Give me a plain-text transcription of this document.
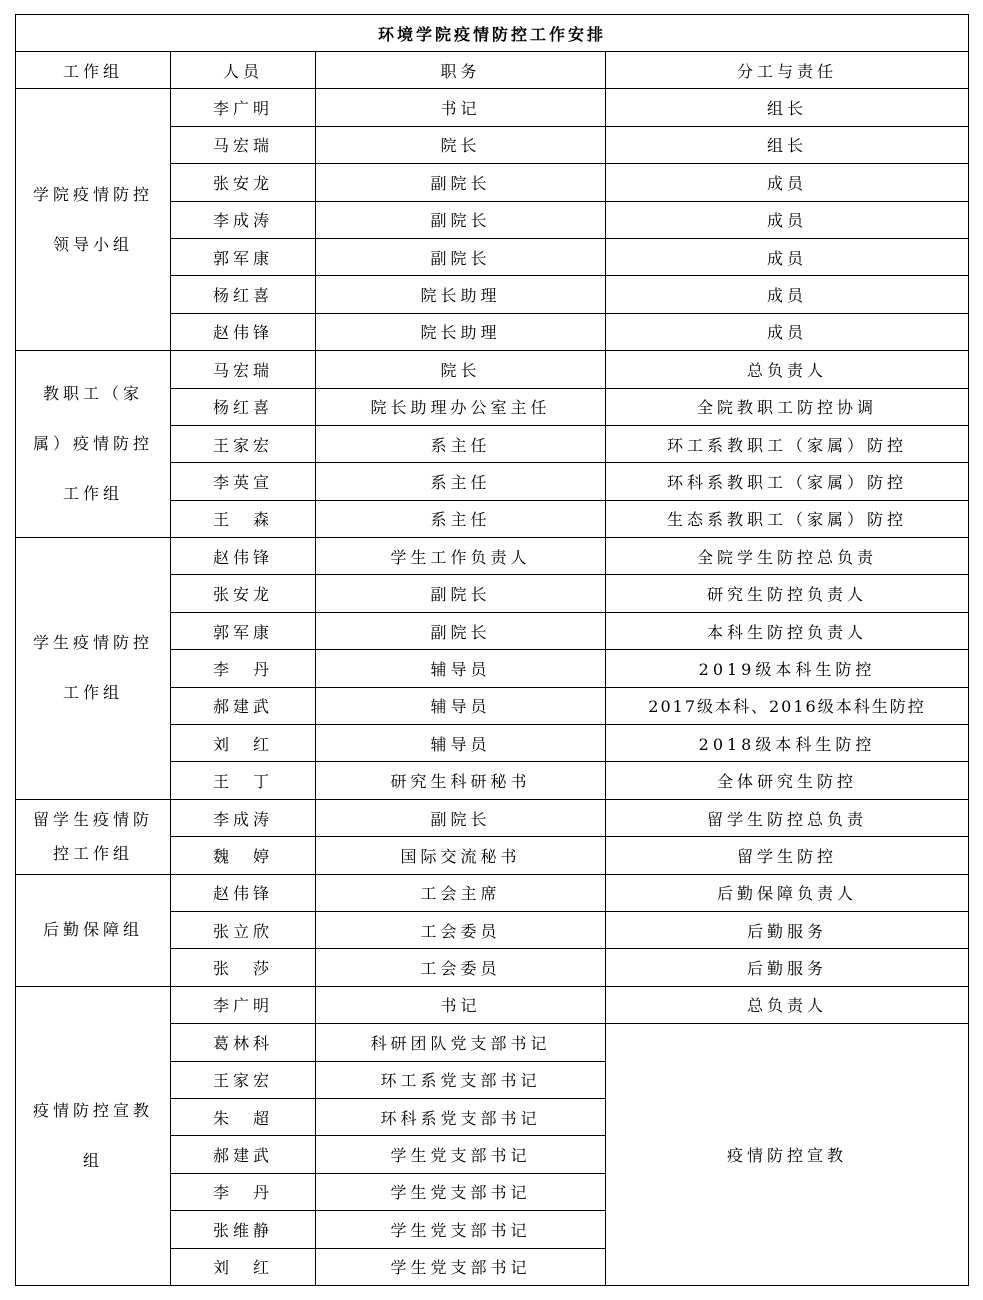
环境学院疫情防控工作安排			
工作组	人员	职务	分工与责任
学院疫情防控领导小组	李广明	书记	组长
	马宏瑞	院长	组长
	张安龙	副院长	成员
	李成涛	副院长	成员
	郭军康	副院长	成员
	杨红喜	院长助理	成员
	赵伟锋	院长助理	成员
教职工（家属）疫情防控工作组	马宏瑞	院长	总负责人
	杨红喜	院长助理办公室主任	全院教职工防控协调
	王家宏	系主任	环工系教职工（家属）防控
	李英宣	系主任	环科系教职工（家属）防控
	王　森	系主任	生态系教职工（家属）防控
学生疫情防控工作组	赵伟锋	学生工作负责人	全院学生防控总负责
	张安龙	副院长	研究生防控负责人
	郭军康	副院长	本科生防控负责人
	李　丹	辅导员	2019级本科生防控
	郝建武	辅导员	2017级本科、2016级本科生防控
	刘　红	辅导员	2018级本科生防控
	王　丁	研究生科研秘书	全体研究生防控
留学生疫情防控工作组	李成涛	副院长	留学生防控总负责
	魏　婷	国际交流秘书	留学生防控
后勤保障组	赵伟锋	工会主席	后勤保障负责人
	张立欣	工会委员	后勤服务
	张　莎	工会委员	后勤服务
疫情防控宣教组	李广明	书记	总负责人
	葛林科	科研团队党支部书记	疫情防控宣教
	王家宏	环工系党支部书记	
	朱　超	环科系党支部书记	
	郝建武	学生党支部书记	
	李　丹	学生党支部书记	
	张维静	学生党支部书记	
	刘　红	学生党支部书记	
